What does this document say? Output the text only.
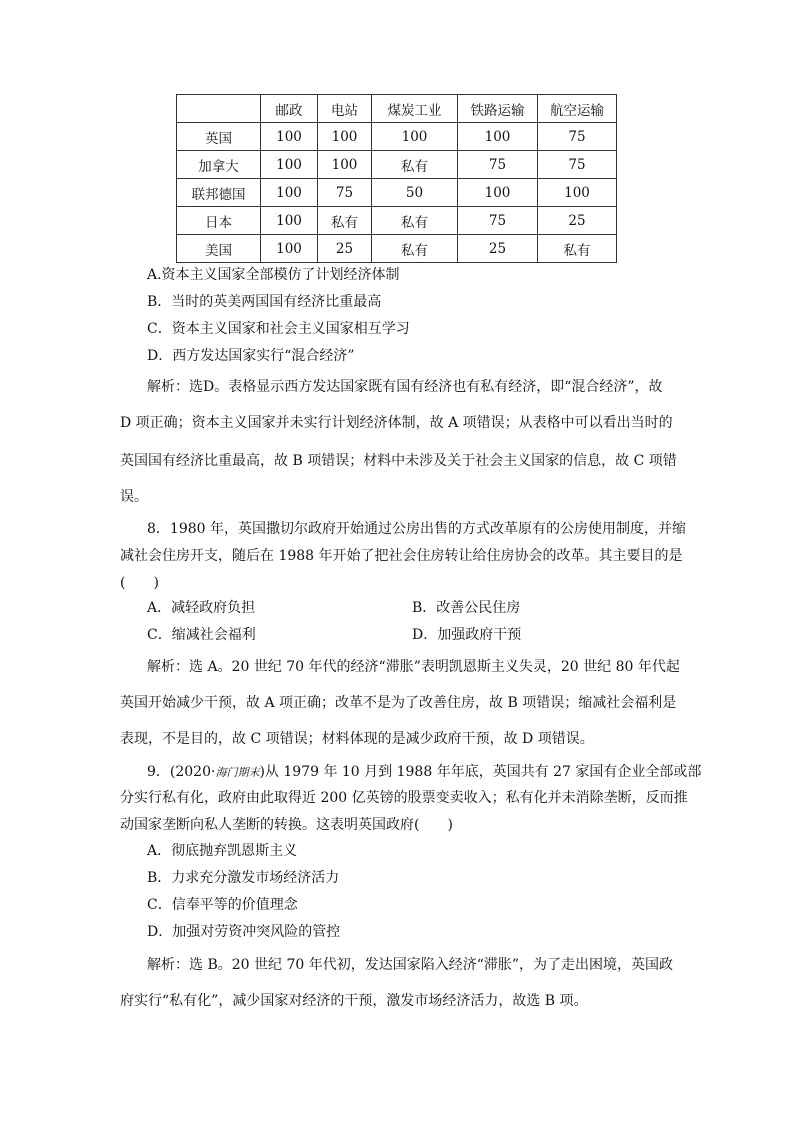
	邮政	电站	煤炭工业	铁路运输	航空运输
英国	100	100	100	100	75
加拿大	100	100	私有	75	75
联邦德国	100	75	50	100	100
日本	100	私有	私有	75	25
美国	100	25	私有	25	私有
A.资本主义国家全部模仿了计划经济体制
B．当时的英美两国国有经济比重最高
C．资本主义国家和社会主义国家相互学习
D．西方发达国家实行“混合经济”
解析：选D。表格显示西方发达国家既有国有经济也有私有经济，即“混合经济”，故
D 项正确；资本主义国家并未实行计划经济体制，故 A 项错误；从表格中可以看出当时的
英国国有经济比重最高，故 B 项错误；材料中未涉及关于社会主义国家的信息，故 C 项错
误。
8．1980 年，英国撒切尔政府开始通过公房出售的方式改革原有的公房使用制度，并缩
减社会住房开支，随后在 1988 年开始了把社会住房转让给住房协会的改革。其主要目的是
(　　)
A．减轻政府负担	B．改善公民住房
C．缩减社会福利	D．加强政府干预
解析：选 A。20 世纪 70 年代的经济“滞胀”表明凯恩斯主义失灵，20 世纪 80 年代起
英国开始减少干预，故 A 项正确；改革不是为了改善住房，故 B 项错误；缩减社会福利是
表现，不是目的，故 C 项错误；材料体现的是减少政府干预，故 D 项错误。
9．(2020·海门期末)从 1979 年 10 月到 1988 年年底，英国共有 27 家国有企业全部或部
分实行私有化，政府由此取得近 200 亿英镑的股票变卖收入；私有化并未消除垄断，反而推
动国家垄断向私人垄断的转换。这表明英国政府(　　)
A．彻底抛弃凯恩斯主义
B．力求充分激发市场经济活力
C．信奉平等的价值理念
D．加强对劳资冲突风险的管控
解析：选 B。20 世纪 70 年代初，发达国家陷入经济“滞胀”，为了走出困境，英国政
府实行“私有化”，减少国家对经济的干预，激发市场经济活力，故选 B 项。
